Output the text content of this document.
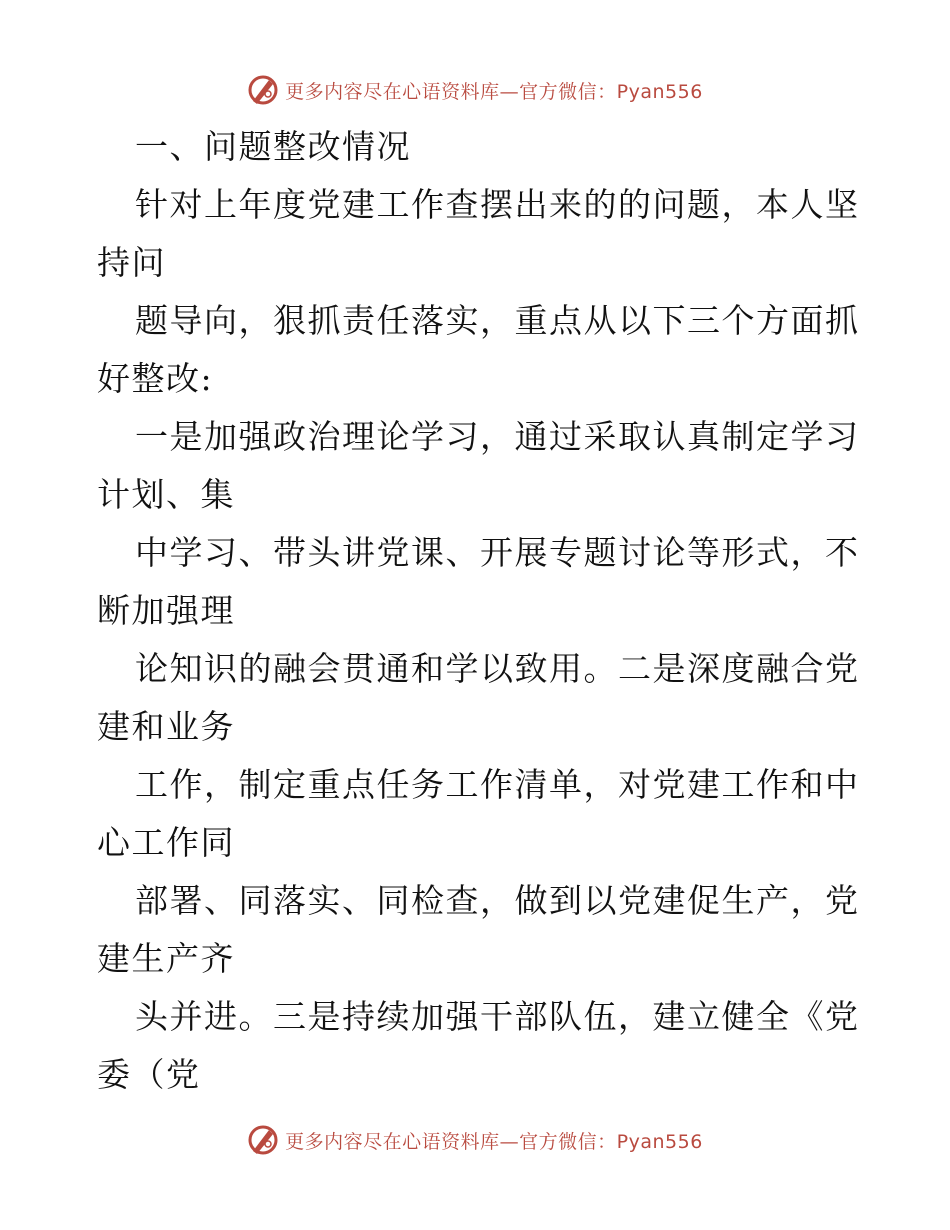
更多内容尽在心语资料库—官方微信：Pyan556
一、问题整改情况
针对上年度党建工作查摆出来的的问题，本人坚
持问
题导向，狠抓责任落实，重点从以下三个方面抓
好整改:
一是加强政治理论学习，通过采取认真制定学习
计划、集
中学习、带头讲党课、开展专题讨论等形式，不
断加强理
论知识的融会贯通和学以致用。二是深度融合党
建和业务
工作，制定重点任务工作清单，对党建工作和中
心工作同
部署、同落实、同检查，做到以党建促生产，党
建生产齐
头并进。三是持续加强干部队伍，建立健全《党
委（党
更多内容尽在心语资料库—官方微信：Pyan556
